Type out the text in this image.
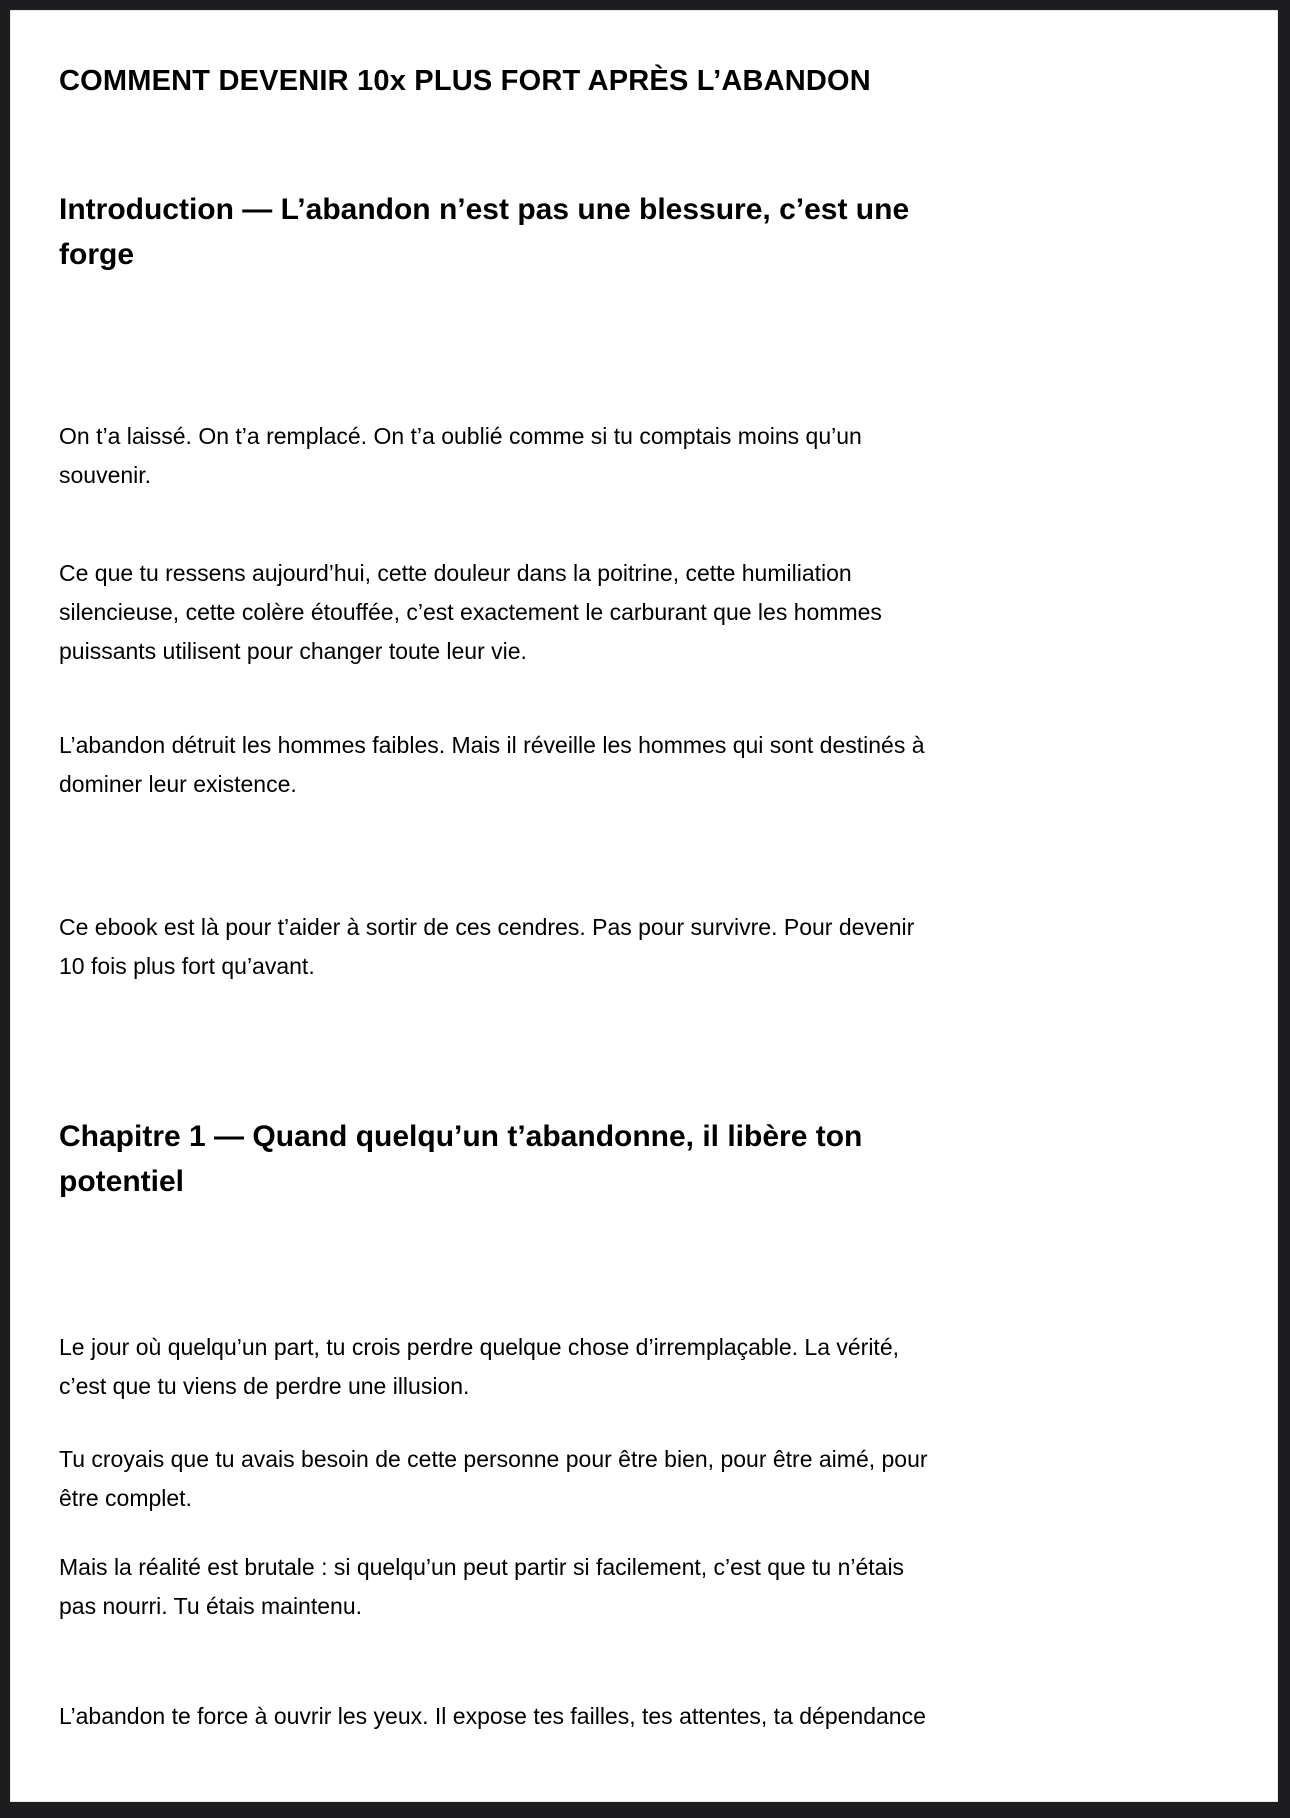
COMMENT DEVENIR 10x PLUS FORT APRÈS L’ABANDON
Introduction — L’abandon n’est pas une blessure, c’est une
forge

On t’a laissé. On t’a remplacé. On t’a oublié comme si tu comptais moins qu’un
souvenir.

Ce que tu ressens aujourd’hui, cette douleur dans la poitrine, cette humiliation
silencieuse, cette colère étouffée, c’est exactement le carburant que les hommes
puissants utilisent pour changer toute leur vie.

L’abandon détruit les hommes faibles. Mais il réveille les hommes qui sont destinés à
dominer leur existence.

Ce ebook est là pour t’aider à sortir de ces cendres. Pas pour survivre. Pour devenir
10 fois plus fort qu’avant.

Chapitre 1 — Quand quelqu’un t’abandonne, il libère ton
potentiel

Le jour où quelqu’un part, tu crois perdre quelque chose d’irremplaçable. La vérité,
c’est que tu viens de perdre une illusion.

Tu croyais que tu avais besoin de cette personne pour être bien, pour être aimé, pour
être complet.

Mais la réalité est brutale : si quelqu’un peut partir si facilement, c’est que tu n’étais
pas nourri. Tu étais maintenu.

L’abandon te force à ouvrir les yeux. Il expose tes failles, tes attentes, ta dépendance
